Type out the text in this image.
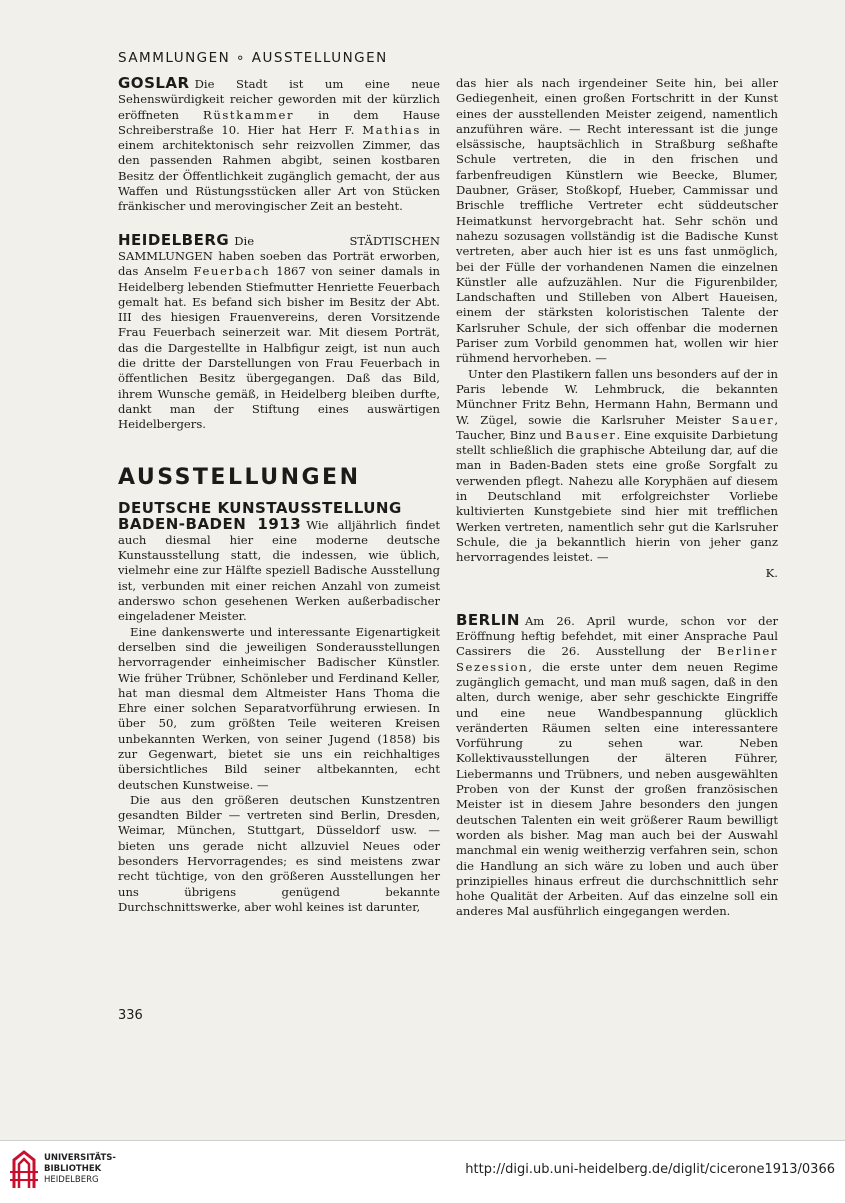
SAMMLUNGEN ∘ AUSSTELLUNGEN

GOSLAR Die Stadt ist um eine neue Sehenswürdigkeit reicher geworden mit der kürzlich eröffneten Rüstkammer in dem Hause Schreiberstraße 10. Hier hat Herr F. Mathias in einem architektonisch sehr reizvollen Zimmer, das den passenden Rahmen abgibt, seinen kostbaren Besitz der Öffentlichkeit zugänglich gemacht, der aus Waffen und Rüstungsstücken aller Art von Stücken fränkischer und merovingischer Zeit an besteht.

HEIDELBERG Die STÄDTISCHEN SAMMLUNGEN haben soeben das Porträt erworben, das Anselm Feuerbach 1867 von seiner damals in Heidelberg lebenden Stiefmutter Henriette Feuerbach gemalt hat. Es befand sich bisher im Besitz der Abt. III des hiesigen Frauenvereins, deren Vorsitzende Frau Feuerbach seinerzeit war. Mit diesem Porträt, das die Dargestellte in Halbfigur zeigt, ist nun auch die dritte der Darstellungen von Frau Feuerbach in öffentlichen Besitz übergegangen. Daß das Bild, ihrem Wunsche gemäß, in Heidelberg bleiben durfte, dankt man der Stiftung eines auswärtigen Heidelbergers.

AUSSTELLUNGEN
DEUTSCHE KUNSTAUSSTELLUNG

BADEN-BADEN 1913 Wie alljährlich findet auch diesmal hier eine moderne deutsche Kunstausstellung statt, die indessen, wie üblich, vielmehr eine zur Hälfte speziell Badische Ausstellung ist, verbunden mit einer reichen Anzahl von zumeist anderswo schon gesehenen Werken außerbadischer eingeladener Meister.

Eine dankenswerte und interessante Eigenartigkeit derselben sind die jeweiligen Sonderausstellungen hervorragender einheimischer Badischer Künstler. Wie früher Trübner, Schönleber und Ferdinand Keller, hat man diesmal dem Altmeister Hans Thoma die Ehre einer solchen Separatvorführung erwiesen. In über 50, zum größten Teile weiteren Kreisen unbekannten Werken, von seiner Jugend (1858) bis zur Gegenwart, bietet sie uns ein reichhaltiges übersichtliches Bild seiner altbekannten, echt deutschen Kunstweise. —

Die aus den größeren deutschen Kunstzentren gesandten Bilder — vertreten sind Berlin, Dresden, Weimar, München, Stuttgart, Düsseldorf usw. — bieten uns gerade nicht allzuviel Neues oder besonders Hervorragendes; es sind meistens zwar recht tüchtige, von den größeren Ausstellungen her uns übrigens genügend bekannte Durchschnittswerke, aber wohl keines ist darunter,

das hier als nach irgendeiner Seite hin, bei aller Gediegenheit, einen großen Fortschritt in der Kunst eines der ausstellenden Meister zeigend, namentlich anzuführen wäre. — Recht interessant ist die junge elsässische, hauptsächlich in Straßburg seßhafte Schule vertreten, die in den frischen und farbenfreudigen Künstlern wie Beecke, Blumer, Daubner, Gräser, Stoßkopf, Hueber, Cammissar und Brischle treffliche Vertreter echt süddeutscher Heimatkunst hervorgebracht hat. Sehr schön und nahezu sozusagen vollständig ist die Badische Kunst vertreten, aber auch hier ist es uns fast unmöglich, bei der Fülle der vorhandenen Namen die einzelnen Künstler alle aufzuzählen. Nur die Figurenbilder, Landschaften und Stilleben von Albert Haueisen, einem der stärksten koloristischen Talente der Karlsruher Schule, der sich offenbar die modernen Pariser zum Vorbild genommen hat, wollen wir hier rühmend hervorheben. —

Unter den Plastikern fallen uns besonders auf der in Paris lebende W. Lehmbruck, die bekannten Münchner Fritz Behn, Hermann Hahn, Bermann und W. Zügel, sowie die Karlsruher Meister Sauer, Taucher, Binz und Bauser. Eine exquisite Darbietung stellt schließlich die graphische Abteilung dar, auf die man in Baden-Baden stets eine große Sorgfalt zu verwenden pflegt. Nahezu alle Koryphäen auf diesem in Deutschland mit erfolgreichster Vorliebe kultivierten Kunstgebiete sind hier mit trefflichen Werken vertreten, namentlich sehr gut die Karlsruher Schule, die ja bekanntlich hierin von jeher ganz hervorragendes leistet. —

K.

BERLIN Am 26. April wurde, schon vor der Eröffnung heftig befehdet, mit einer Ansprache Paul Cassirers die 26. Ausstellung der Berliner Sezession, die erste unter dem neuen Regime zugänglich gemacht, und man muß sagen, daß in den alten, durch wenige, aber sehr geschickte Eingriffe und eine neue Wandbespannung glücklich veränderten Räumen selten eine interessantere Vorführung zu sehen war. Neben Kollektivausstellungen der älteren Führer, Liebermanns und Trübners, und neben ausgewählten Proben von der Kunst der großen französischen Meister ist in diesem Jahre besonders den jungen deutschen Talenten ein weit größerer Raum bewilligt worden als bisher. Mag man auch bei der Auswahl manchmal ein wenig weitherzig verfahren sein, schon die Handlung an sich wäre zu loben und auch über prinzipielles hinaus erfreut die durchschnittlich sehr hohe Qualität der Arbeiten. Auf das einzelne soll ein anderes Mal ausführlich eingegangen werden.

336
UNIVERSITÄTS-
BIBLIOTHEK
HEIDELBERG
http://digi.ub.uni-heidelberg.de/diglit/cicerone1913/0366
